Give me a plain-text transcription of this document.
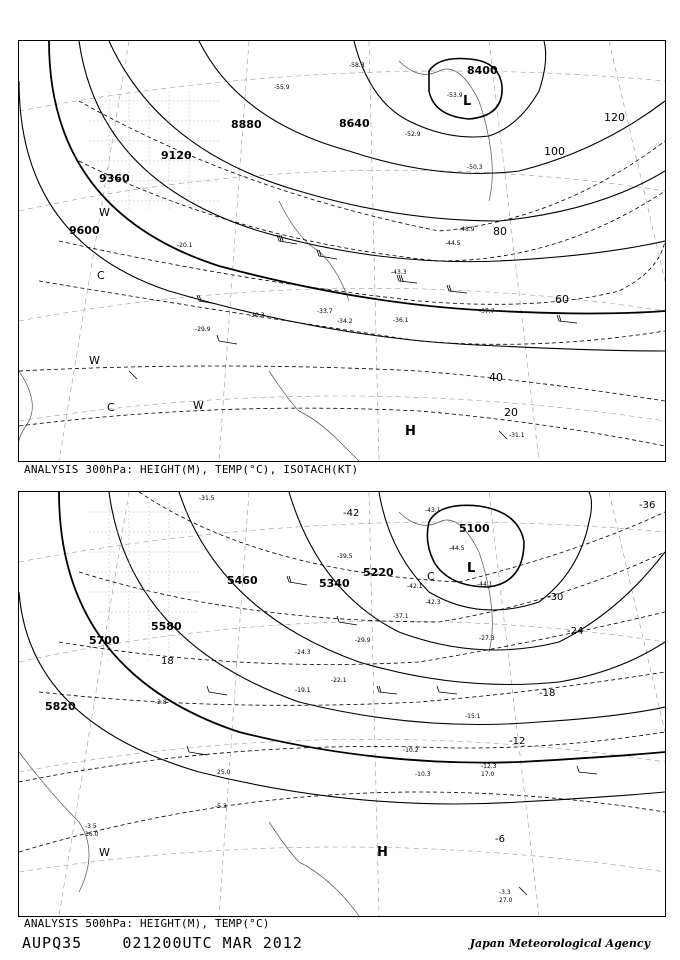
8400
8640
8880
9120
9360
9600
20
40
60
80
100
120
-30.3
-33.7
-34.2	-36.1
-37.7
-31.1
-43.3
-44.5
-48.9
-50.3
-52.9
-53.9
-55.9
-58.3
-20.1
-29.9
L
H
W
W
W
C
C
ANALYSIS 300hPa: HEIGHT(M), TEMP(°C), ISOTACH(KT)
5100
5220
5340
5460
5580
5700
5820
-42
-36
-30
-24
-18
-12
-6
18
-43.1
-44.5
-44.1
-42.1
-42.3
-39.5
-37.1
-31.5
-29.9	-27.3
-24.3
-22.1
-19.1
-15.1
-12.3
-10.3
-10.2
-3.5
-3.3
-5.3
-2.8
27.0
16.0
25.0	17.0
L
H
W
C
ANALYSIS 500hPa: HEIGHT(M), TEMP(°C)
AUPQ35	021200UTC MAR 2012	Japan Meteorological Agency
